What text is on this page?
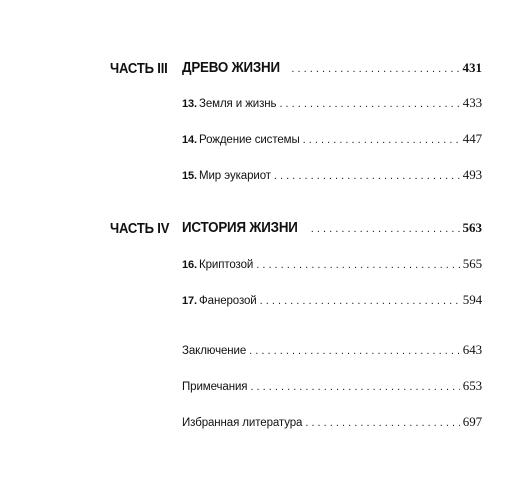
ЧАСТЬ III ДРЕВО ЖИЗНИ . . .	431
13. Земля и жизнь . . .	433
14. Рождение системы . . .	447
15. Мир эукариот . . .	493
ЧАСТЬ IV ИСТОРИЯ ЖИЗНИ . . .	563
16. Криптозой . . .	565
17. Фанерозой . . .	594
Заключение . . .	643
Примечания . . .	653
Избранная литература . . .	697
